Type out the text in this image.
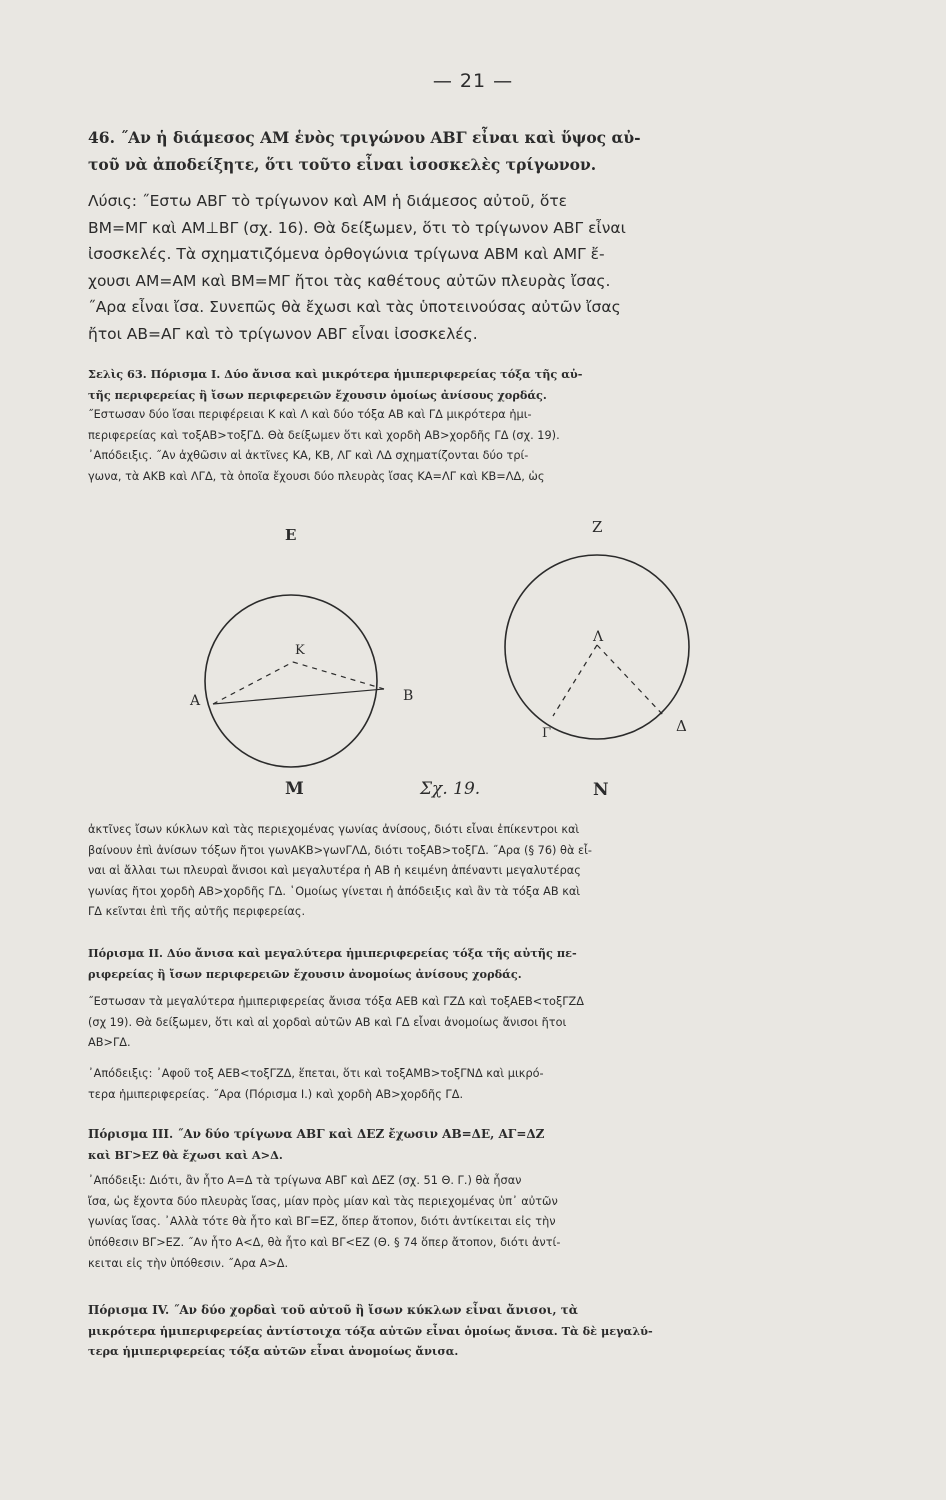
— 21 —
46. ˝Αν ἡ διάμεσος ΑΜ ἑνὸς τριγώνου ΑΒΓ εἶναι καὶ ὕψος αὐ-
τοῦ νὰ ἀποδείξητε, ὅτι τοῦτο εἶναι ἰσοσκελὲς τρίγωνον.
Λύσις: ˝Εστω ΑΒΓ τὸ τρίγωνον καὶ ΑΜ ἡ διάμεσος αὐτοῦ, ὅτε
ΒΜ=ΜΓ καὶ ΑΜ⊥ΒΓ (σχ. 16). Θὰ δείξωμεν, ὅτι τὸ τρίγωνον ΑΒΓ εἶναι
ἰσοσκελές. Τὰ σχηματιζόμενα ὀρθογώνια τρίγωνα ΑΒΜ καὶ ΑΜΓ ἔ-
χουσι ΑΜ=ΑΜ καὶ ΒΜ=ΜΓ ἤτοι τὰς καθέτους αὐτῶν πλευρὰς ἴσας.
˝Αρα εἶναι ἴσα. Συνεπῶς θὰ ἔχωσι καὶ τὰς ὑποτεινούσας αὐτῶν ἴσας
ἤτοι ΑΒ=ΑΓ καὶ τὸ τρίγωνον ΑΒΓ εἶναι ἰσοσκελές.
Σελὶς 63. Πόρισμα Ι. Δύο ἄνισα καὶ μικρότερα ἡμιπεριφερείας τόξα τῆς αὐ-
τῆς περιφερείας ἢ ἴσων περιφερειῶν ἔχουσιν ὁμοίως ἀνίσους χορδάς.
˝Εστωσαν δύο ἴσαι περιφέρειαι Κ καὶ Λ καὶ δύο τόξα ΑΒ καὶ ΓΔ μικρότερα ἡμι-
περιφερείας καὶ τοξΑΒ>τοξΓΔ. Θὰ δείξωμεν ὅτι καὶ χορδὴ ΑΒ>χορδῆς ΓΔ (σχ. 19).
᾿Απόδειξις. ˝Αν ἀχθῶσιν αἱ ἀκτῖνες ΚΑ, ΚΒ, ΛΓ καὶ ΛΔ σχηματίζονται δύο τρί-
γωνα, τὰ ΑΚΒ καὶ ΛΓΔ, τὰ ὁποῖα ἔχουσι δύο πλευρὰς ἴσας ΚΑ=ΛΓ καὶ ΚΒ=ΛΔ, ὡς
Ε	Ζ
Κ
Α	Β
Λ
Γ	Δ
Μ	Σχ. 19.	Ν
ἀκτῖνες ἴσων κύκλων καὶ τὰς περιεχομένας γωνίας ἀνίσους, διότι εἶναι ἐπίκεντροι καὶ
βαίνουν ἐπὶ ἀνίσων τόξων ἤτοι γωνΑΚΒ>γωνΓΛΔ, διότι τοξΑΒ>τοξΓΔ. ˝Αρα (§ 76) θὰ εἶ-
ναι αἱ ἄλλαι τωι πλευραὶ ἄνισοι καὶ μεγαλυτέρα ἡ ΑΒ ἡ κειμένη ἀπέναντι μεγαλυτέρας
γωνίας ἤτοι χορδὴ ΑΒ>χορδῆς ΓΔ. ῾Ομοίως γίνεται ἡ ἀπόδειξις καὶ ἂν τὰ τόξα ΑΒ καὶ
ΓΔ κεῖνται ἐπὶ τῆς αὐτῆς περιφερείας.
Πόρισμα ΙΙ. Δύο ἄνισα καὶ μεγαλύτερα ἡμιπεριφερείας τόξα τῆς αὐτῆς πε-
ριφερείας ἢ ἴσων περιφερειῶν ἔχουσιν ἀνομοίως ἀνίσους χορδάς.
˝Εστωσαν τὰ μεγαλύτερα ἡμιπεριφερείας ἄνισα τόξα ΑΕΒ καὶ ΓΖΔ καὶ τοξΑΕΒ<τοξΓΖΔ
(σχ 19). Θὰ δείξωμεν, ὅτι καὶ αἱ χορδαὶ αὐτῶν ΑΒ καὶ ΓΔ εἶναι ἀνομοίως ἄνισοι ἤτοι
ΑΒ>ΓΔ.
᾿Απόδειξις: ᾿Αφοῦ τοξ ΑΕΒ<τοξΓΖΔ, ἕπεται, ὅτι καὶ τοξΑΜΒ>τοξΓΝΔ καὶ μικρό-
τερα ἡμιπεριφερείας. ˝Αρα (Πόρισμα Ι.) καὶ χορδὴ ΑΒ>χορδῆς ΓΔ.
Πόρισμα ΙΙΙ. ˝Αν δύο τρίγωνα ΑΒΓ καὶ ΔΕΖ ἔχωσιν ΑΒ=ΔΕ, ΑΓ=ΔΖ
καὶ ΒΓ>ΕΖ θὰ ἔχωσι καὶ Α>Δ.
᾿Απόδειξι: Διότι, ἂν ἦτο Α=Δ τὰ τρίγωνα ΑΒΓ καὶ ΔΕΖ (σχ. 51 Θ. Γ.) θὰ ἦσαν
ἴσα, ὡς ἔχοντα δύο πλευρὰς ἴσας, μίαν πρὸς μίαν καὶ τὰς περιεχομένας ὑπ᾿ αὐτῶν
γωνίας ἴσας. ᾿Αλλὰ τότε θὰ ἦτο καὶ ΒΓ=ΕΖ, ὅπερ ἄτοπον, διότι ἀντίκειται εἰς τὴν
ὑπόθεσιν ΒΓ>ΕΖ. ˝Αν ἦτο Α<Δ, θὰ ἦτο καὶ ΒΓ<ΕΖ (Θ. § 74 ὅπερ ἄτοπον, διότι ἀντί-
κειται εἰς τὴν ὑπόθεσιν. ˝Αρα Α>Δ.
Πόρισμα IV. ˝Αν δύο χορδαὶ τοῦ αὐτοῦ ἢ ἴσων κύκλων εἶναι ἄνισοι, τὰ
μικρότερα ἡμιπεριφερείας ἀντίστοιχα τόξα αὐτῶν εἶναι ὁμοίως ἄνισα. Τὰ δὲ μεγαλύ-
τερα ἡμιπεριφερείας τόξα αὐτῶν εἶναι ἀνομοίως ἄνισα.
